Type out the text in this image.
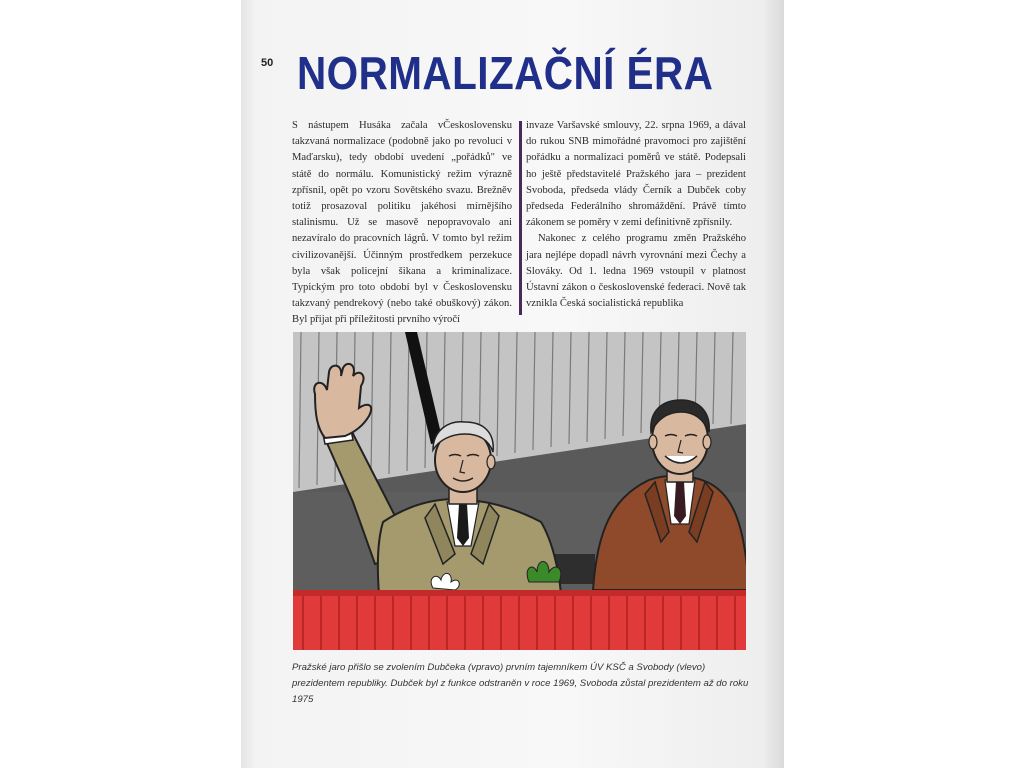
50 NORMALIZAČNÍ ÉRA

S nástupem Husáka začala vČeskoslovensku takzvaná normalizace (podobně jako po revoluci v Maďarsku), tedy období uvedení „pořádků" ve státě do normálu. Komunistický režim výrazně zpřísnil, opět po vzoru Sovětského svazu. Brežněv totiž prosazoval politiku jakéhosi mírnějšího stalinismu. Už se masově nepopravovalo ani nezavíralo do pracovních lágrů. V tomto byl režim civilizovanější. Účinným prostředkem perzekuce byla však policejní šikana a kriminalizace. Typickým pro toto období byl v Československu takzvaný pendrekový (nebo také obuškový) zákon. Byl přijat při příležitosti prvního výročí

invaze Varšavské smlouvy, 22. srpna 1969, a dával do rukou SNB mimořádné pravomoci pro zajištění pořádku a normalizaci poměrů ve státě. Podepsali ho ještě představitelé Pražského jara – prezident Svoboda, předseda vlády Černík a Dubček coby předseda Federálního shromáždění. Právě tímto zákonem se poměry v zemi definitivně zpřísnily.

Nakonec z celého programu změn Pražského jara nejlépe dopadl návrh vyrovnání mezi Čechy a Slováky. Od 1. ledna 1969 vstoupil v platnost Ústavní zákon o československé federaci. Nově tak vznikla Česká socialistická republika

Pražské jaro přišlo se zvolením Dubčeka (vpravo) prvním tajemníkem ÚV KSČ a Svobody (vlevo) prezidentem republiky. Dubček byl z funkce odstraněn v roce 1969, Svoboda zůstal prezidentem až do roku 1975
